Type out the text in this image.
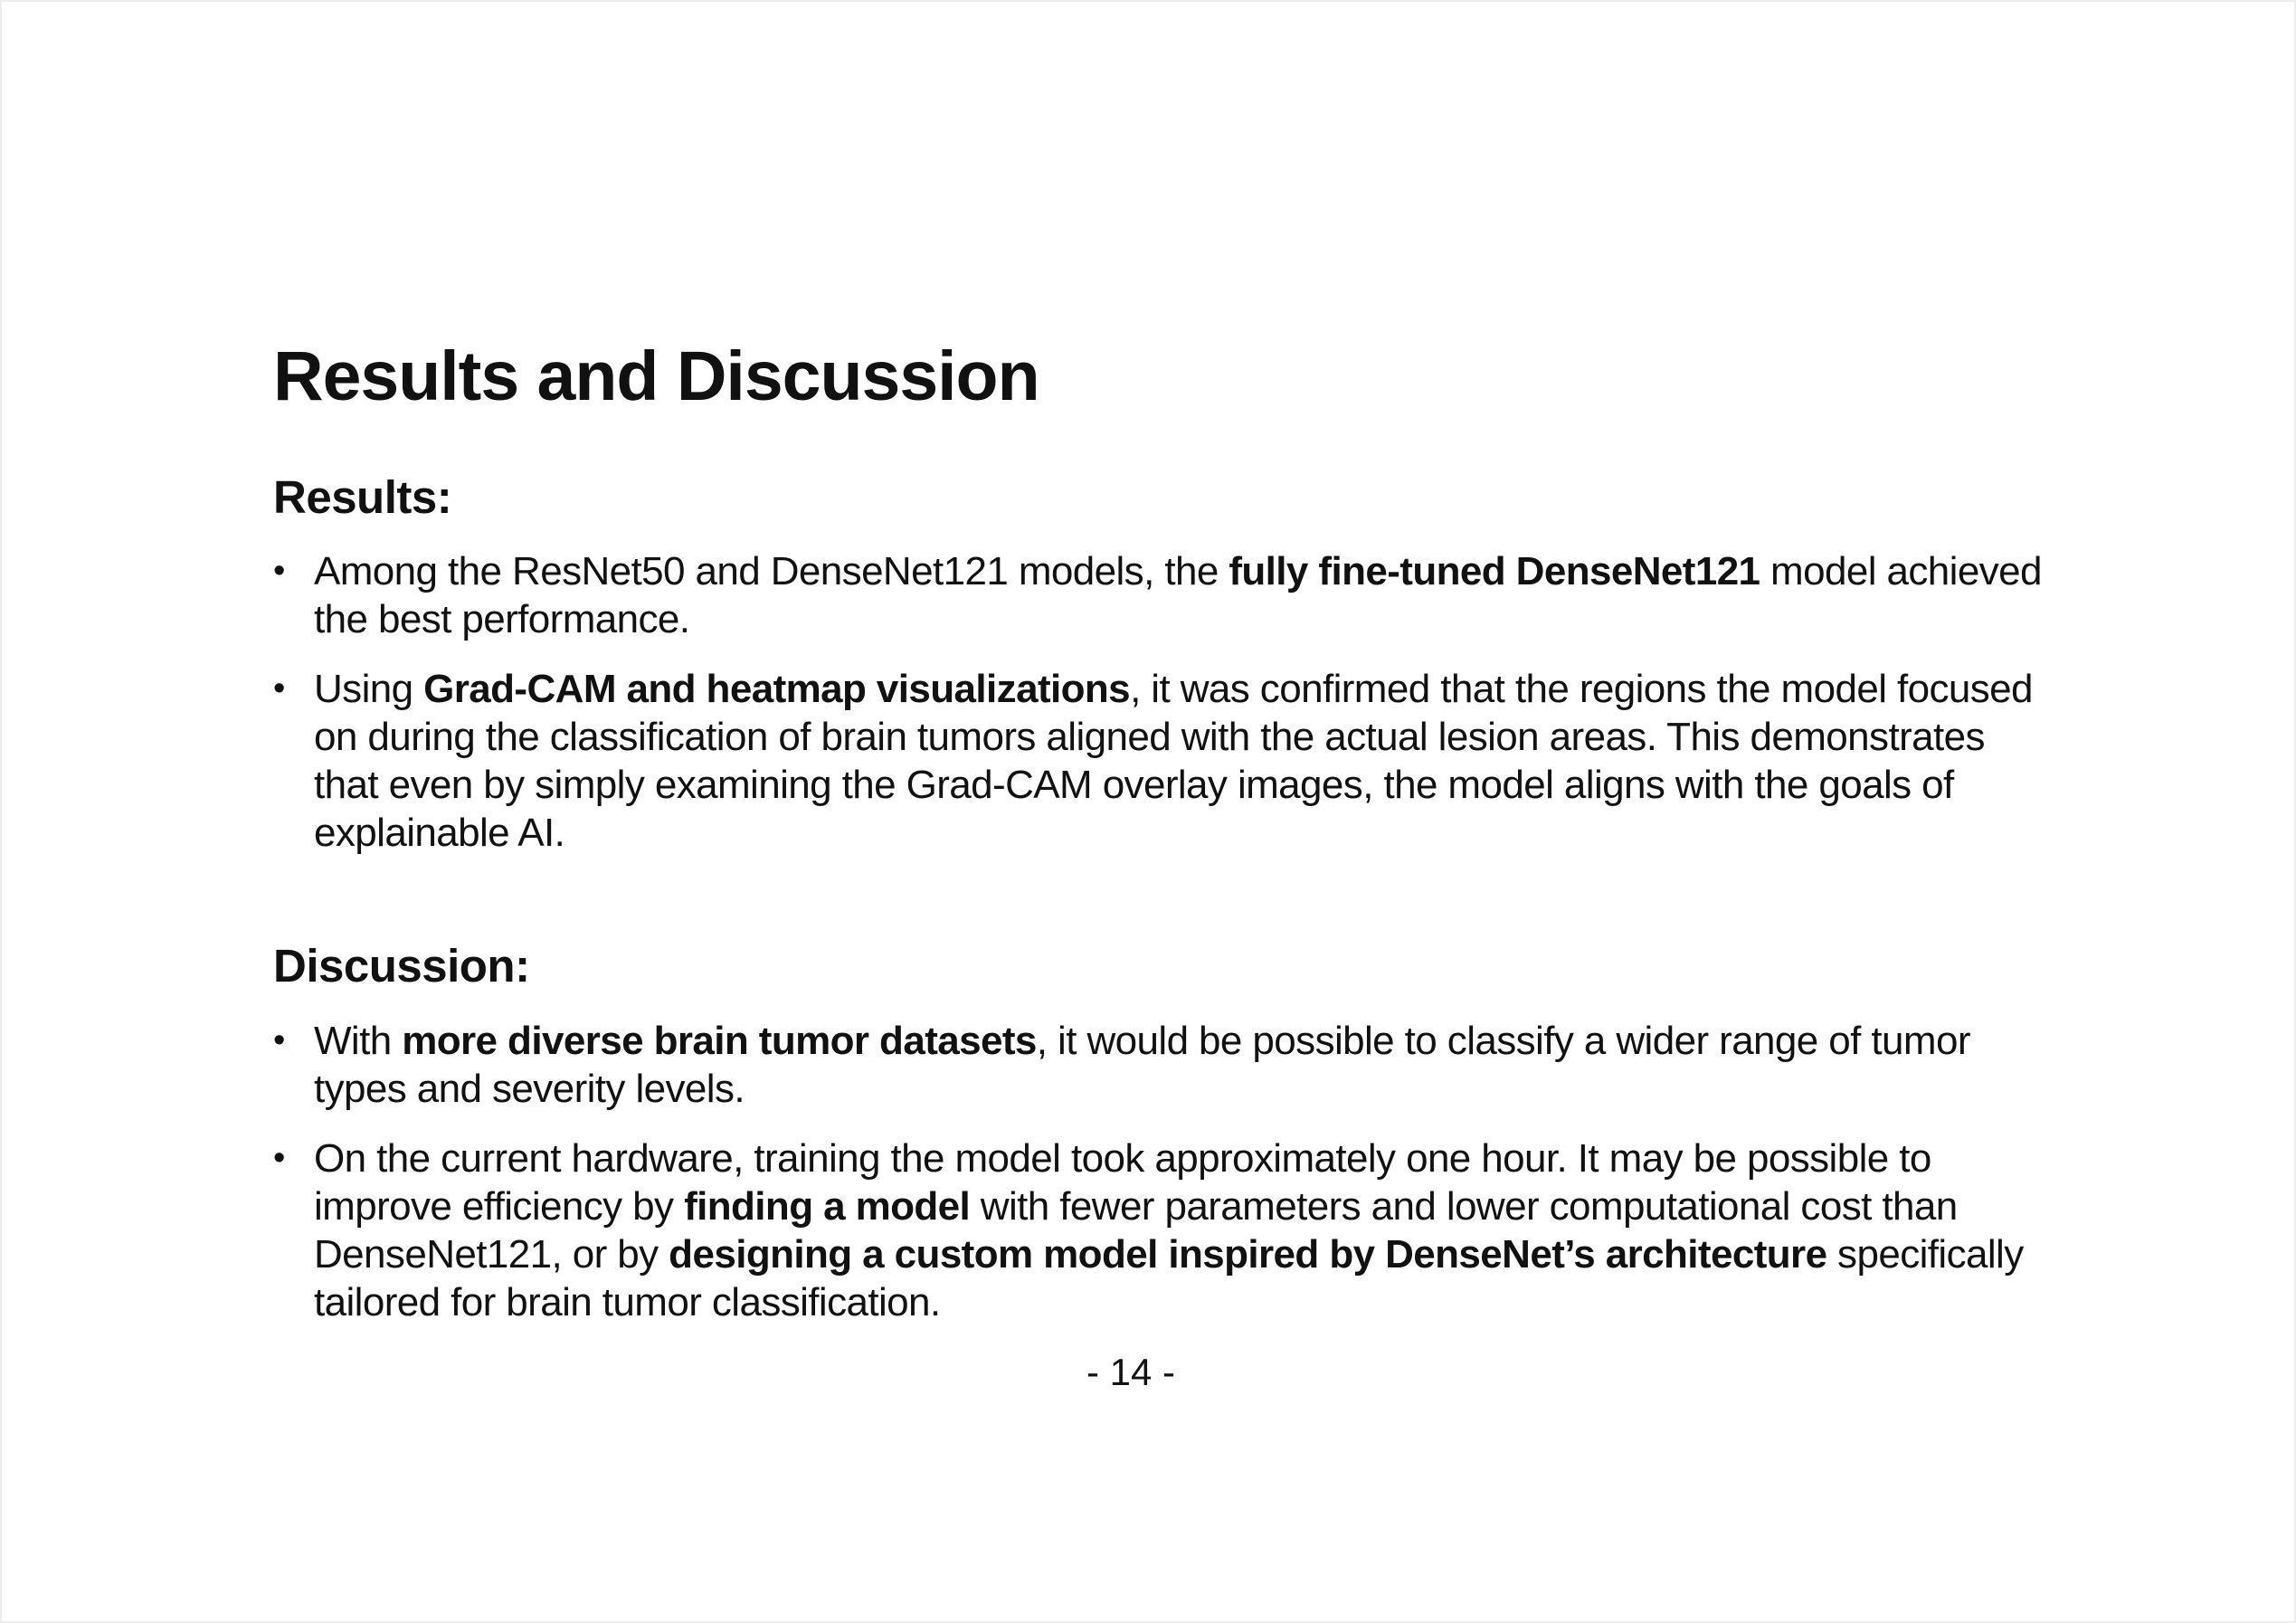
Results and Discussion
Results:
• Among the ResNet50 and DenseNet121 models, the fully fine-tuned DenseNet121 model achieved the best performance.

• Using Grad-CAM and heatmap visualizations, it was confirmed that the regions the model focused on during the classification of brain tumors aligned with the actual lesion areas. This demonstrates that even by simply examining the Grad-CAM overlay images, the model aligns with the goals of explainable AI.

Discussion:
• With more diverse brain tumor datasets, it would be possible to classify a wider range of tumor types and severity levels.

• On the current hardware, training the model took approximately one hour. It may be possible to improve efficiency by finding a model with fewer parameters and lower computational cost than DenseNet121, or by designing a custom model inspired by DenseNet’s architecture specifically tailored for brain tumor classification.

- 14 -
